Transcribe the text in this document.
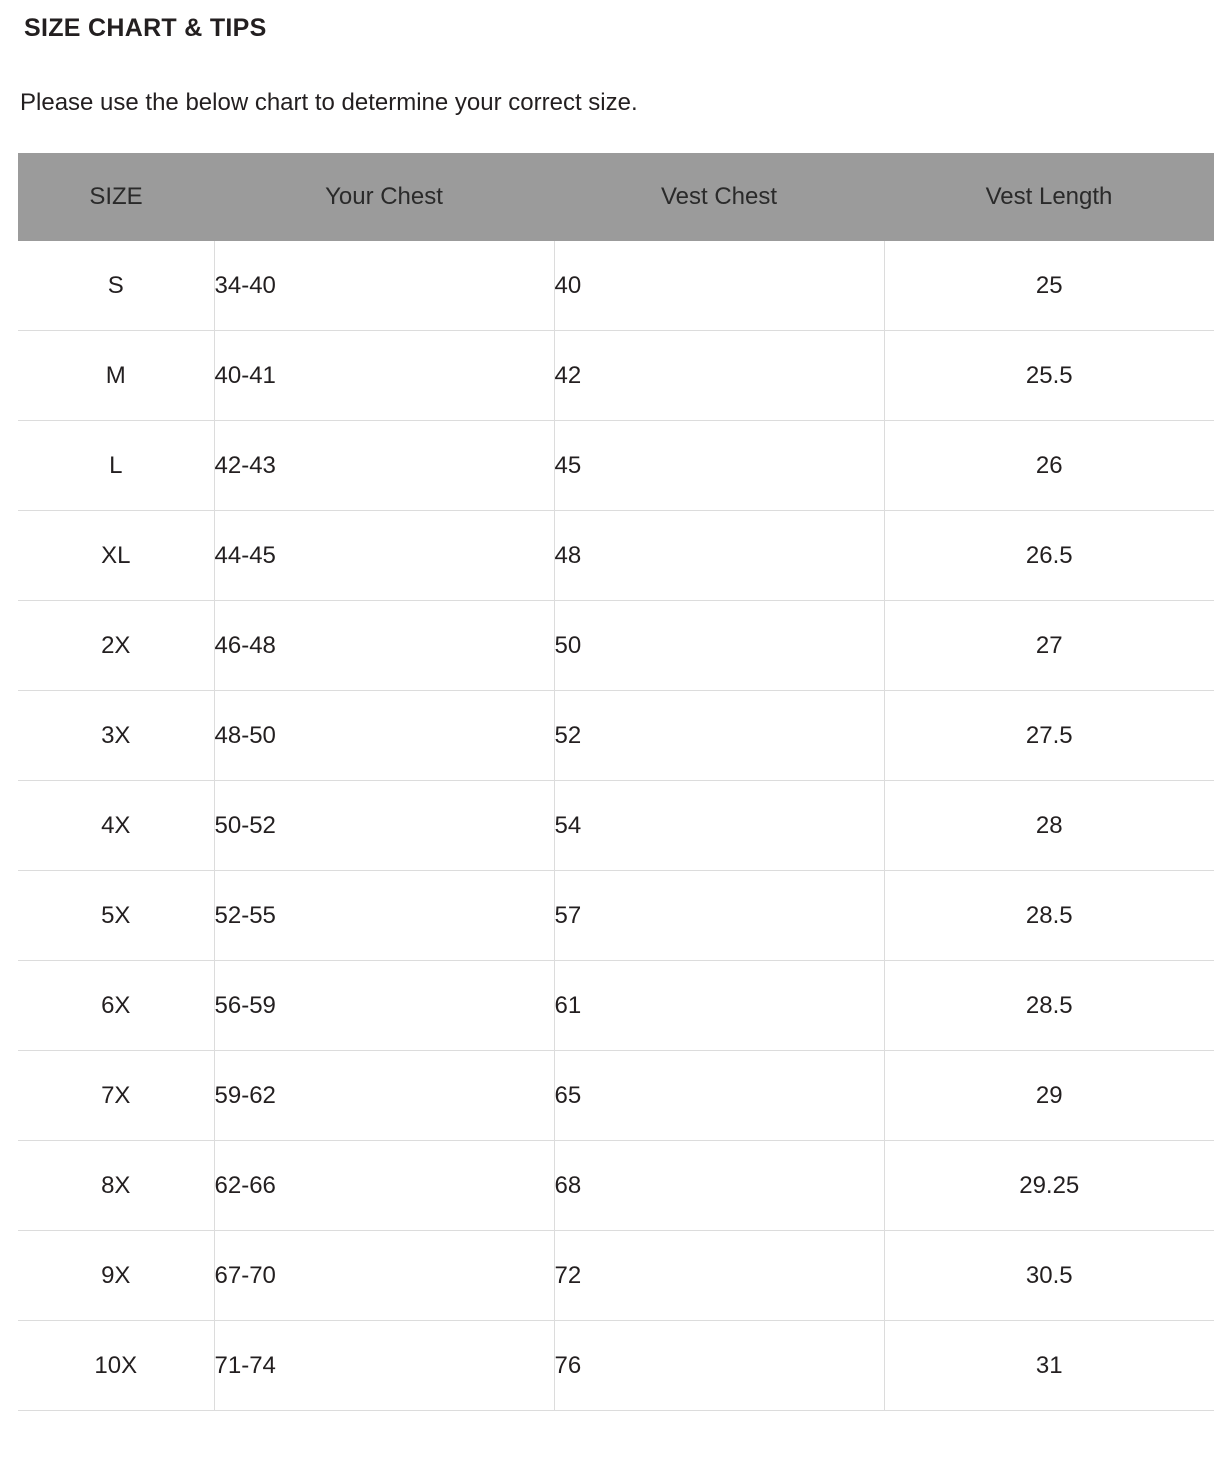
SIZE CHART & TIPS

Please use the below chart to determine your correct size.

SIZE	Your Chest	Vest Chest	Vest Length
S	34-40	40	25
M	40-41	42	25.5
L	42-43	45	26
XL	44-45	48	26.5
2X	46-48	50	27
3X	48-50	52	27.5
4X	50-52	54	28
5X	52-55	57	28.5
6X	56-59	61	28.5
7X	59-62	65	29
8X	62-66	68	29.25
9X	67-70	72	30.5
10X	71-74	76	31
